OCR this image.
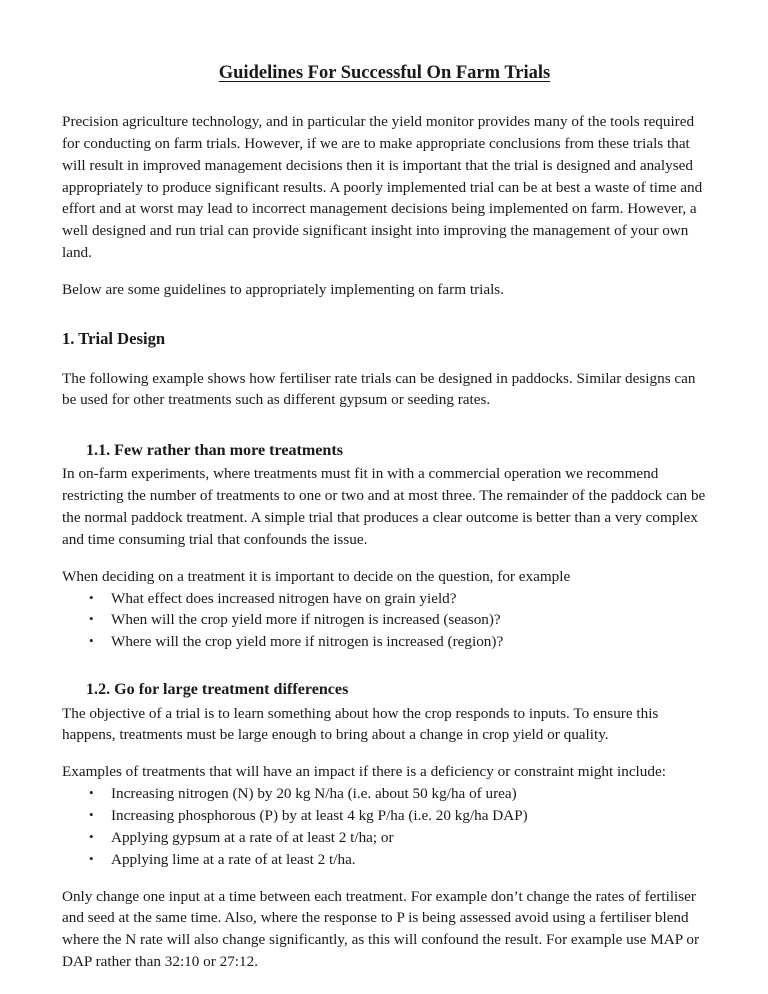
Guidelines For Successful On Farm Trials

Precision agriculture technology, and in particular the yield monitor provides many of the tools required for conducting on farm trials. However, if we are to make appropriate conclusions from these trials that will result in improved management decisions then it is important that the trial is designed and analysed appropriately to produce significant results. A poorly implemented trial can be at best a waste of time and effort and at worst may lead to incorrect management decisions being implemented on farm. However, a well designed and run trial can provide significant insight into improving the management of your own land.

Below are some guidelines to appropriately implementing on farm trials.

1. Trial Design

The following example shows how fertiliser rate trials can be designed in paddocks. Similar designs can be used for other treatments such as different gypsum or seeding rates.

1.1. Few rather than more treatments

In on-farm experiments, where treatments must fit in with a commercial operation we recommend restricting the number of treatments to one or two and at most three. The remainder of the paddock can be the normal paddock treatment. A simple trial that produces a clear outcome is better than a very complex and time consuming trial that confounds the issue.

When deciding on a treatment it is important to decide on the question, for example

• What effect does increased nitrogen have on grain yield?
• When will the crop yield more if nitrogen is increased (season)?
• Where will the crop yield more if nitrogen is increased (region)?
1.2. Go for large treatment differences

The objective of a trial is to learn something about how the crop responds to inputs. To ensure this happens, treatments must be large enough to bring about a change in crop yield or quality.

Examples of treatments that will have an impact if there is a deficiency or constraint might include:

• Increasing nitrogen (N) by 20 kg N/ha (i.e. about 50 kg/ha of urea)
• Increasing phosphorous (P) by at least 4 kg P/ha (i.e. 20 kg/ha DAP)
• Applying gypsum at a rate of at least 2 t/ha; or
• Applying lime at a rate of at least 2 t/ha.

Only change one input at a time between each treatment. For example don’t change the rates of fertiliser and seed at the same time. Also, where the response to P is being assessed avoid using a fertiliser blend where the N rate will also change significantly, as this will confound the result. For example use MAP or DAP rather than 32:10 or 27:12.
